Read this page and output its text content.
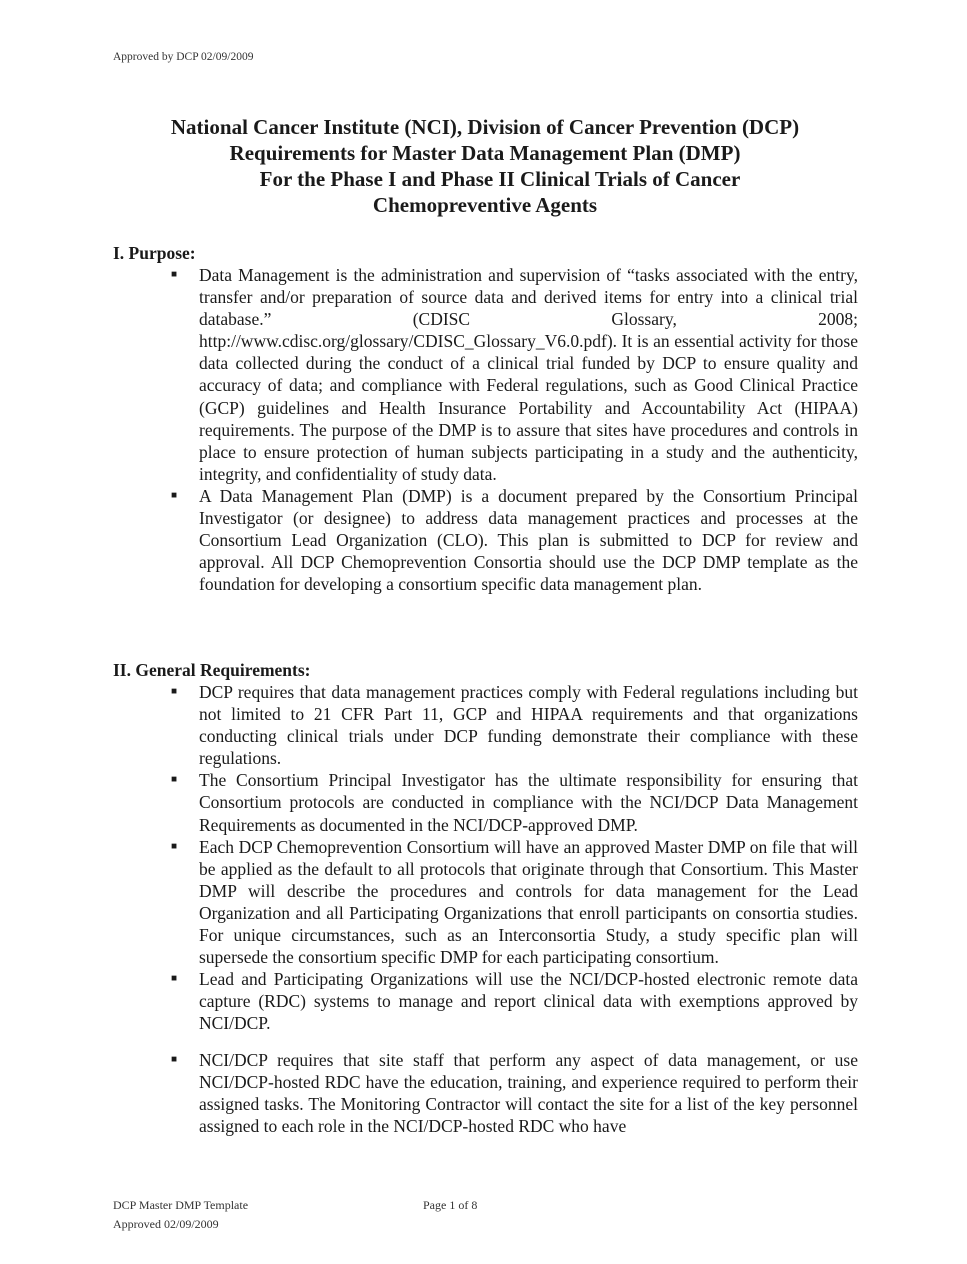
Approved by DCP 02/09/2009
National Cancer Institute (NCI), Division of Cancer Prevention (DCP)
Requirements for Master Data Management Plan (DMP)
For the Phase I and Phase II Clinical Trials of Cancer
Chemopreventive Agents
I. Purpose:
■ Data Management is the administration and supervision of “tasks associated with the entry, transfer and/or preparation of source data and derived items for entry into a clinical trial database.” (CDISC Glossary, 2008; http://www.cdisc.org/glossary/CDISC_Glossary_V6.0.pdf). It is an essential activity for those data collected during the conduct of a clinical trial funded by DCP to ensure quality and accuracy of data; and compliance with Federal regulations, such as Good Clinical Practice (GCP) guidelines and Health Insurance Portability and Accountability Act (HIPAA) requirements. The purpose of the DMP is to assure that sites have procedures and controls in place to ensure protection of human subjects participating in a study and the authenticity, integrity, and confidentiality of study data.
■ A Data Management Plan (DMP) is a document prepared by the Consortium Principal Investigator (or designee) to address data management practices and processes at the Consortium Lead Organization (CLO). This plan is submitted to DCP for review and approval. All DCP Chemoprevention Consortia should use the DCP DMP template as the foundation for developing a consortium specific data management plan.
II. General Requirements:
■ DCP requires that data management practices comply with Federal regulations including but not limited to 21 CFR Part 11, GCP and HIPAA requirements and that organizations conducting clinical trials under DCP funding demonstrate their compliance with these regulations.
■ The Consortium Principal Investigator has the ultimate responsibility for ensuring that Consortium protocols are conducted in compliance with the NCI/DCP Data Management Requirements as documented in the NCI/DCP-approved DMP.
■ Each DCP Chemoprevention Consortium will have an approved Master DMP on file that will be applied as the default to all protocols that originate through that Consortium. This Master DMP will describe the procedures and controls for data management for the Lead Organization and all Participating Organizations that enroll participants on consortia studies. For unique circumstances, such as an Interconsortia Study, a study specific plan will supersede the consortium specific DMP for each participating consortium.
■ Lead and Participating Organizations will use the NCI/DCP-hosted electronic remote data capture (RDC) systems to manage and report clinical data with exemptions approved by NCI/DCP.
■ NCI/DCP requires that site staff that perform any aspect of data management, or use NCI/DCP-hosted RDC have the education, training, and experience required to perform their assigned tasks. The Monitoring Contractor will contact the site for a list of the key personnel assigned to each role in the NCI/DCP-hosted RDC who have
DCP Master DMP Template
Approved 02/09/2009
Page 1 of 8
